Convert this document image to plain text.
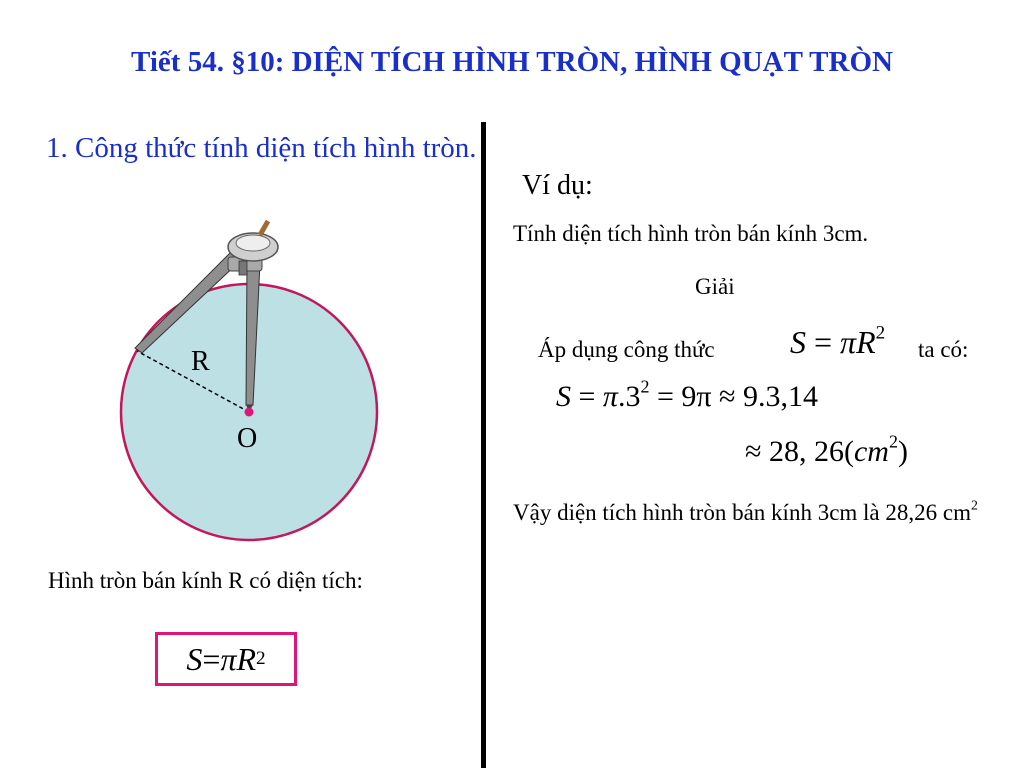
Tiết 54. §10: DIỆN TÍCH HÌNH TRÒN, HÌNH QUẠT TRÒN
1. Công thức tính diện tích hình tròn.
R
O
Hình tròn bán kính R có diện tích:
S = π R 2
Ví dụ:
Tính diện tích hình tròn bán kính 3cm.
Giải
Áp dụng công thức $S = \pi R^2$
ta có:
$S = \pi.3^2 = 9\pi \approx 9.3,14$
≈ 28, $26(cm^2)$
Vậy diện tích hình tròn bán kính 3cm là 28,26 $cm^2$
